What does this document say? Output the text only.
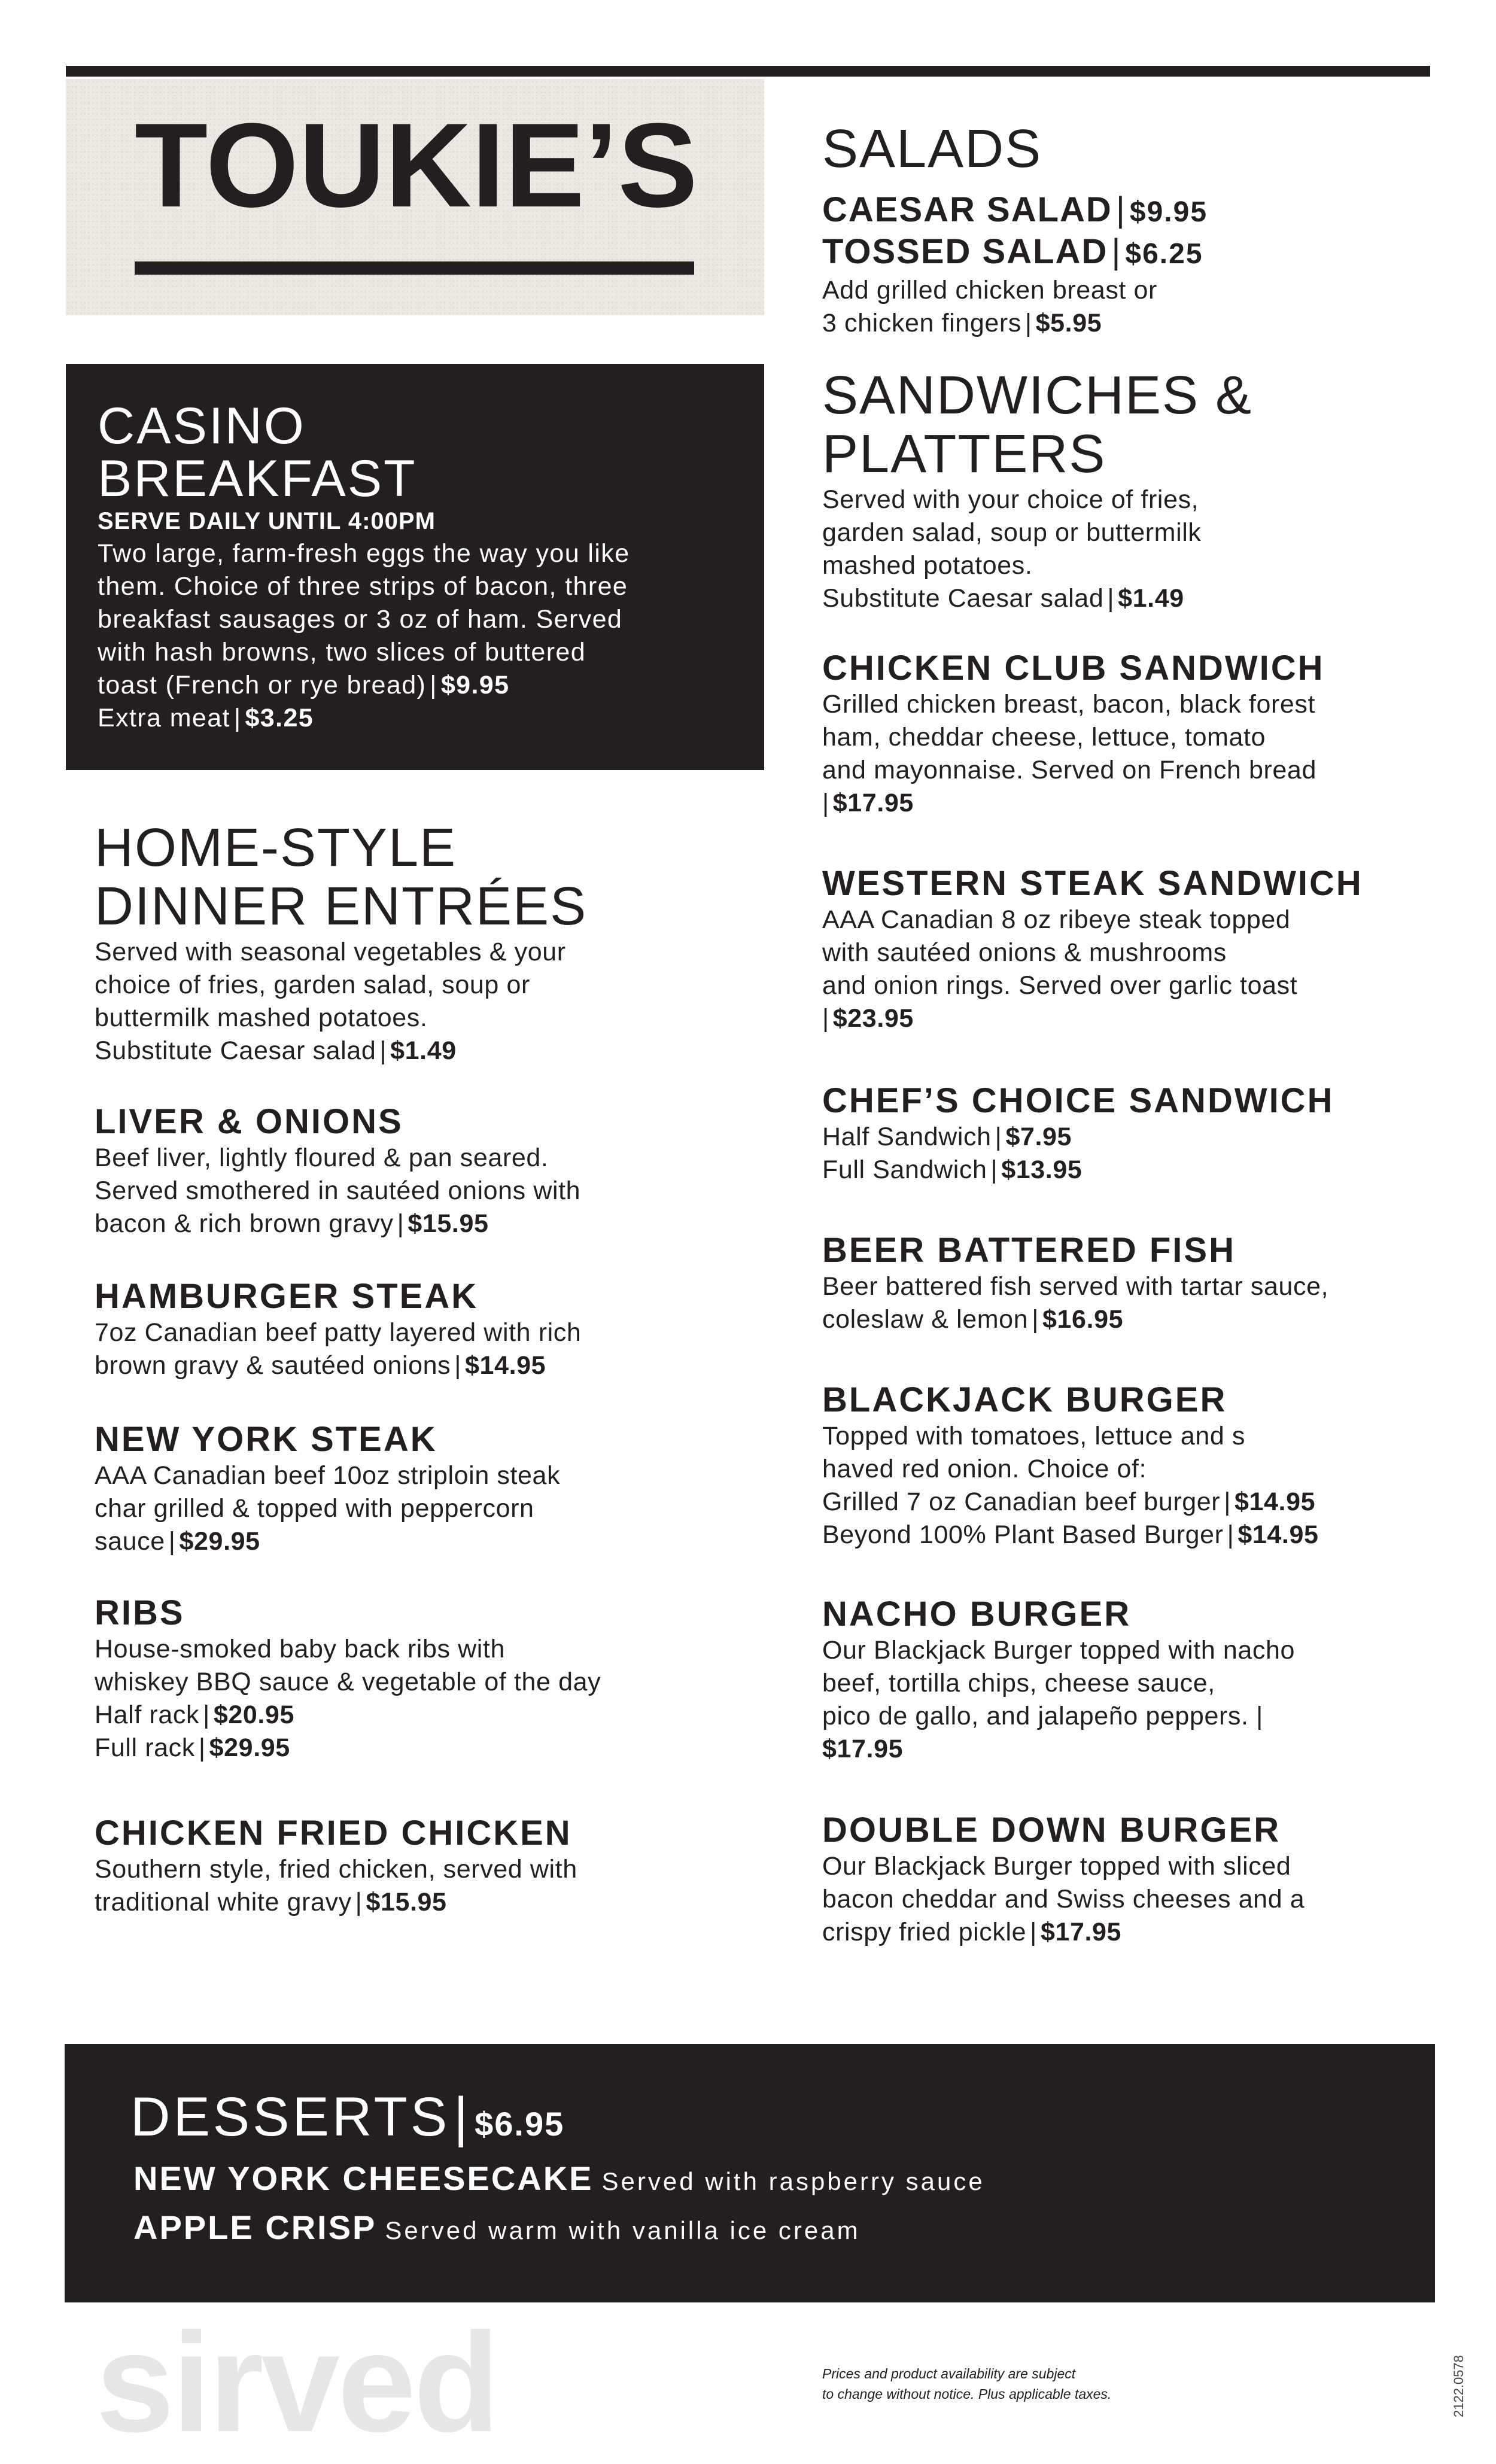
sirved
TOUKIE’S
CASINO
BREAKFAST
SERVE DAILY UNTIL 4:00PM
Two large, farm-fresh eggs the way you like
them. Choice of three strips of bacon, three
breakfast sausages or 3 oz of ham. Served
with hash browns, two slices of buttered
toast (French or rye bread) | $9.95
Extra meat | $3.25
HOME-STYLE
DINNER ENTRÉES
Served with seasonal vegetables & your
choice of fries, garden salad, soup or
buttermilk mashed potatoes.
Substitute Caesar salad | $1.49
SALADS
CAESAR SALAD | $9.95
TOSSED SALAD | $6.25
Add grilled chicken breast or
3 chicken fingers | $5.95
SANDWICHES &
PLATTERS
Served with your choice of fries,
garden salad, soup or buttermilk
mashed potatoes.
Substitute Caesar salad | $1.49
DESSERTS| $6.95
NEW YORK CHEESECAKE Served with raspberry sauce
APPLE CRISP Served warm with vanilla ice cream
Prices and product availability are subject
to change without notice. Plus applicable taxes.	2122.0578
LIVER & ONIONS
Beef liver, lightly floured & pan seared.
Served smothered in sautéed onions with
bacon & rich brown gravy | $15.95
HAMBURGER STEAK
7oz Canadian beef patty layered with rich
brown gravy & sautéed onions | $14.95
NEW YORK STEAK
AAA Canadian beef 10oz striploin steak
char grilled & topped with peppercorn
sauce | $29.95
RIBS
House-smoked baby back ribs with
whiskey BBQ sauce & vegetable of the day
Half rack | $20.95
Full rack | $29.95
CHICKEN FRIED CHICKEN
Southern style, fried chicken, served with
traditional white gravy | $15.95
CHICKEN CLUB SANDWICH
Grilled chicken breast, bacon, black forest
ham, cheddar cheese, lettuce, tomato
and mayonnaise. Served on French bread
| $17.95
WESTERN STEAK SANDWICH
AAA Canadian 8 oz ribeye steak topped
with sautéed onions & mushrooms
and onion rings. Served over garlic toast
| $23.95
CHEF’S CHOICE SANDWICH
Half Sandwich | $7.95
Full Sandwich | $13.95
BEER BATTERED FISH
Beer battered fish served with tartar sauce,
coleslaw & lemon | $16.95
BLACKJACK BURGER
Topped with tomatoes, lettuce and s
haved red onion. Choice of:
Grilled 7 oz Canadian beef burger | $14.95
Beyond 100% Plant Based Burger | $14.95
NACHO BURGER
Our Blackjack Burger topped with nacho
beef, tortilla chips, cheese sauce,
pico de gallo, and jalapeño peppers. |
$17.95
DOUBLE DOWN BURGER
Our Blackjack Burger topped with sliced
bacon cheddar and Swiss cheeses and a
crispy fried pickle | $17.95
